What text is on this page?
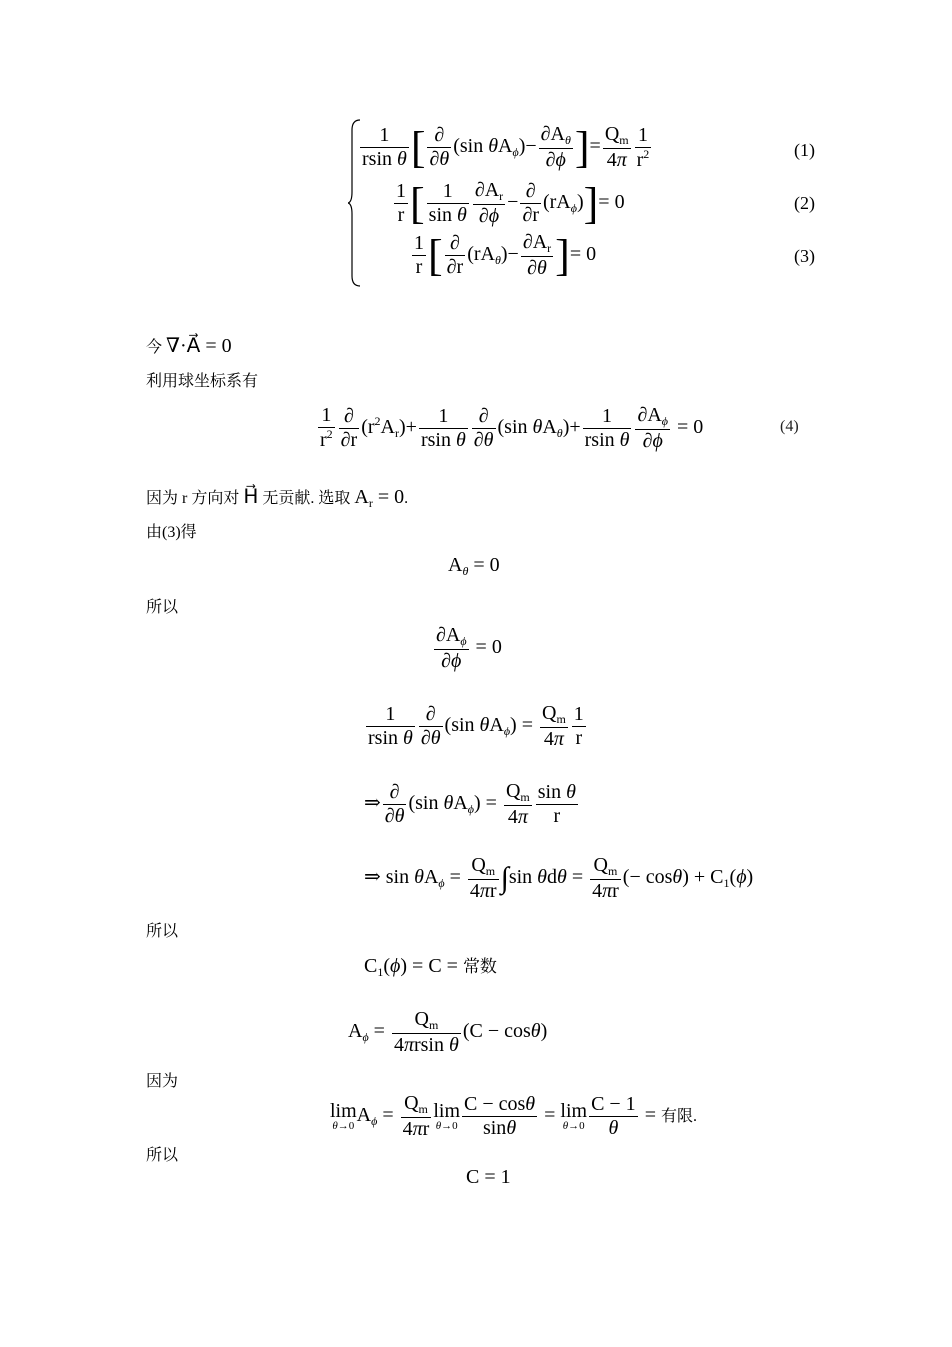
$\frac{1}{\text{rsin θ}}$ [ $\frac{\partial}{\partial\theta} (\sin$ $\theta A_\phi)- \frac{\partial A_\theta}{\partial\phi}$ ]= $\frac{Q_m}{4\pi} \frac{1}{r^2}$	(1)
$\frac{1}{r}$ [ $\frac{1}{\text{sin θ}} \frac{\partial A_r}{\partial\phi} - \frac{\partial}{\partial r} (rA_\phi)]= 0$	(2)
$\frac{1}{r}$ [ $\frac{\partial}{\partial r} (rA_\theta)- \frac{\partial A_r}{\partial\theta}$ ]= 0	(3)
今 ∇·A⃗ = 0
利用球坐标系有
$\frac{1}{r^2} \frac{\partial}{\partial r} (r^2A_r)+ \frac{1}{\text{rsin θ}} \frac{\partial}{\partial\theta} (\sin$ $\theta A_\theta)+ \frac{1}{\text{rsin θ}} \frac{\partial A_\phi}{\partial\phi} = 0$	(4)
因为 r 方向对 H⃗ 无贡献. 选取 $A_r = 0$.
由(3)得
$A_\theta = 0$
所以
$\frac{\partial A_\phi}{\partial\phi} = 0$
$\frac{1}{\text{rsin θ}} \frac{\partial}{\partial\theta} (\sin$ $\theta A_\phi) = \frac{Q_m}{4\pi} \frac{1}{r}$
⇒ $\frac{\partial}{\partial\theta} (\sin$ $\theta A_\phi) = \frac{Q_m}{4\pi} \frac{\text{sin θ}}{r}$
⇒ $\sin \theta A_\phi = \frac{Q_m}{4\pi r} \int\sin$ $\theta d\theta = \frac{Q_m}{4\pi r}$ (− $\cos\theta) + C_1(\phi)$
所以
$C_1(\phi) = C$ = 常数
$A_\phi = \frac{Q_m}{\text{4πrsin θ}} (C - \cos\theta)$
因为
lim
θ→0 $A_\phi = \frac{Q_m}{4\pi r}$ lim
$\theta\to 0 \frac{C - \cos\theta}{\sin\theta} = \lim$
$\theta\to 0 \frac{C - 1}{\theta}$ = 有限.
所以
C = 1
